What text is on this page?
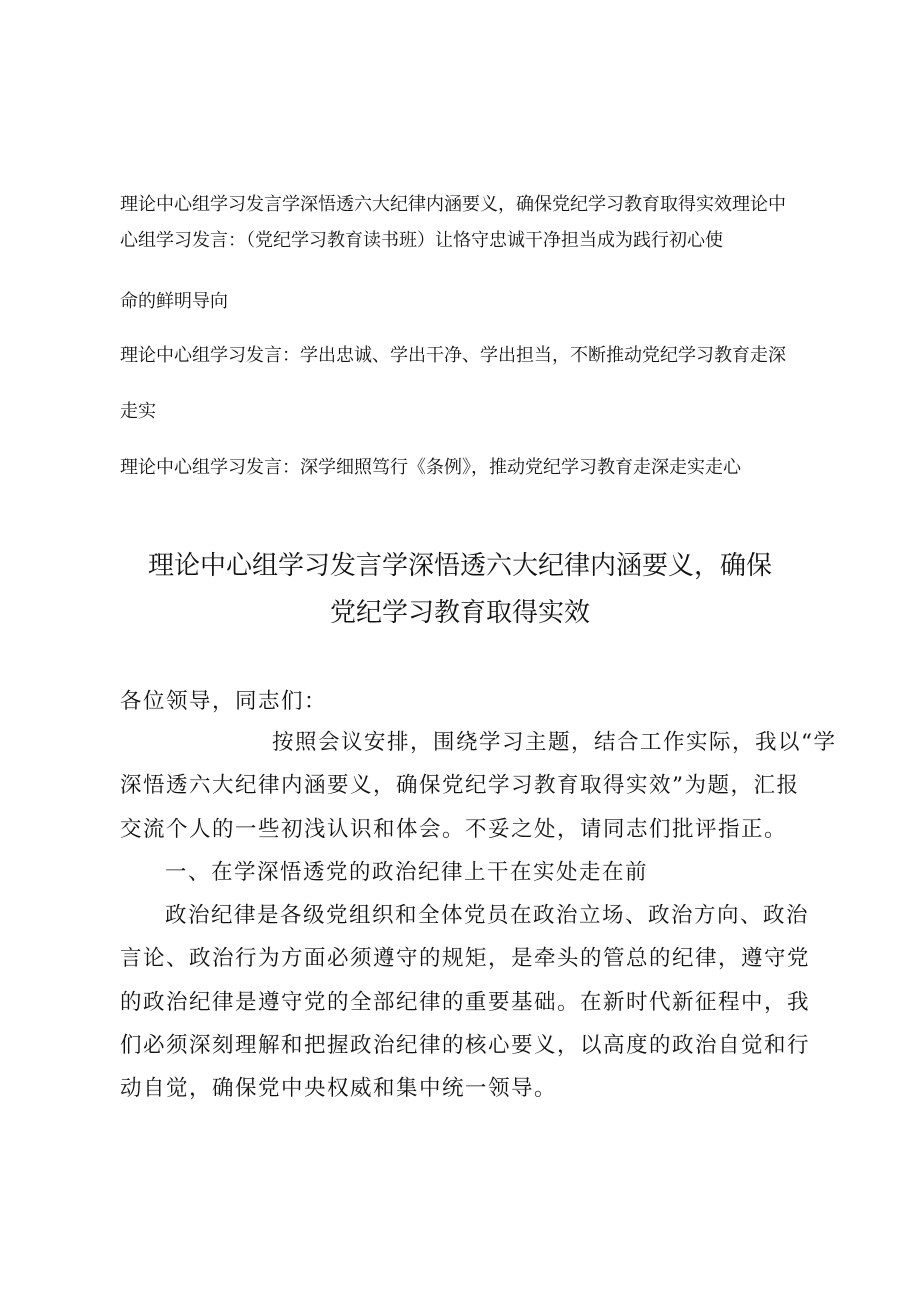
理论中心组学习发言学深悟透六大纪律内涵要义，确保党纪学习教育取得实效理论中
心组学习发言：（党纪学习教育读书班）让恪守忠诚干净担当成为践行初心使
命的鲜明导向
理论中心组学习发言：学出忠诚、学出干净、学出担当，不断推动党纪学习教育走深
走实
理论中心组学习发言：深学细照笃行《条例》，推动党纪学习教育走深走实走心
理论中心组学习发言学深悟透六大纪律内涵要义，确保
党纪学习教育取得实效
各位领导，同志们：
按照会议安排，围绕学习主题，结合工作实际，我以“学
深悟透六大纪律内涵要义，确保党纪学习教育取得实效”为题，汇报
交流个人的一些初浅认识和体会。不妥之处，请同志们批评指正。
一、在学深悟透党的政治纪律上干在实处走在前
政治纪律是各级党组织和全体党员在政治立场、政治方向、政治
言论、政治行为方面必须遵守的规矩，是牵头的管总的纪律，遵守党
的政治纪律是遵守党的全部纪律的重要基础。在新时代新征程中，我
们必须深刻理解和把握政治纪律的核心要义，以高度的政治自觉和行
动自觉，确保党中央权威和集中统一领导。
